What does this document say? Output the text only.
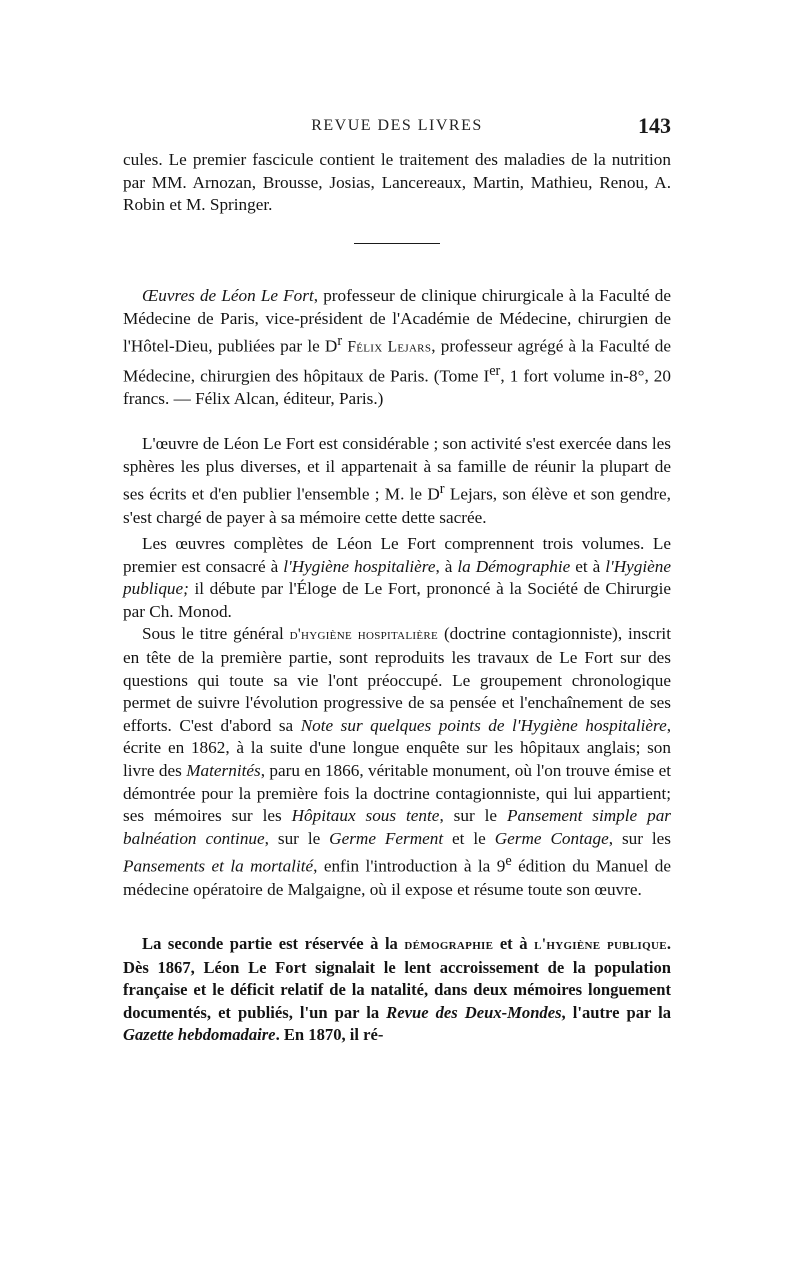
REVUE DES LIVRES	143

cules. Le premier fascicule contient le traitement des maladies de la nutrition par MM. Arnozan, Brousse, Josias, Lancereaux, Martin, Mathieu, Renou, A. Robin et M. Springer.

Œuvres de Léon Le Fort, professeur de clinique chirurgicale à la Faculté de Médecine de Paris, vice-président de l'Académie de Médecine, chirurgien de l'Hôtel-Dieu, publiées par le $D^r$ Félix Lejars, professeur agrégé à la Faculté de Médecine, chirurgien des hôpitaux de Paris. (Tome Ier, 1 fort volume in-8°, 20 francs. — Félix Alcan, éditeur, Paris.)

L'œuvre de Léon Le Fort est considérable ; son activité s'est exercée dans les sphères les plus diverses, et il appartenait à sa famille de réunir la plupart de ses écrits et d'en publier l'ensemble ; M. le $D^r$ Lejars, son élève et son gendre, s'est chargé de payer à sa mémoire cette dette sacrée.

Les œuvres complètes de Léon Le Fort comprennent trois volumes. Le premier est consacré à l'Hygiène hospitalière, à la Démographie et à l'Hygiène publique; il débute par l'Éloge de Le Fort, prononcé à la Société de Chirurgie par Ch. Monod.

Sous le titre général d'hygiène hospitalière (doctrine contagionniste), inscrit en tête de la première partie, sont reproduits les travaux de Le Fort sur des questions qui toute sa vie l'ont préoccupé. Le groupement chronologique permet de suivre l'évolution progressive de sa pensée et l'enchaînement de ses efforts. C'est d'abord sa Note sur quelques points de l'Hygiène hospitalière, écrite en 1862, à la suite d'une longue enquête sur les hôpitaux anglais; son livre des Maternités, paru en 1866, véritable monument, où l'on trouve émise et démontrée pour la première fois la doctrine contagionniste, qui lui appartient; ses mémoires sur les Hôpitaux sous tente, sur le Pansement simple par balnéation continue, sur le Germe Ferment et le Germe Contage, sur les Pansements et la mortalité, enfin l'introduction à la 9e édition du Manuel de médecine opératoire de Malgaigne, où il expose et résume toute son œuvre.

La seconde partie est réservée à la démographie et à l'hygiène publique. Dès 1867, Léon Le Fort signalait le lent accroissement de la population française et le déficit relatif de la natalité, dans deux mémoires longuement documentés, et publiés, l'un par la Revue des Deux-Mondes, l'autre par la Gazette hebdomadaire. En 1870, il ré-
